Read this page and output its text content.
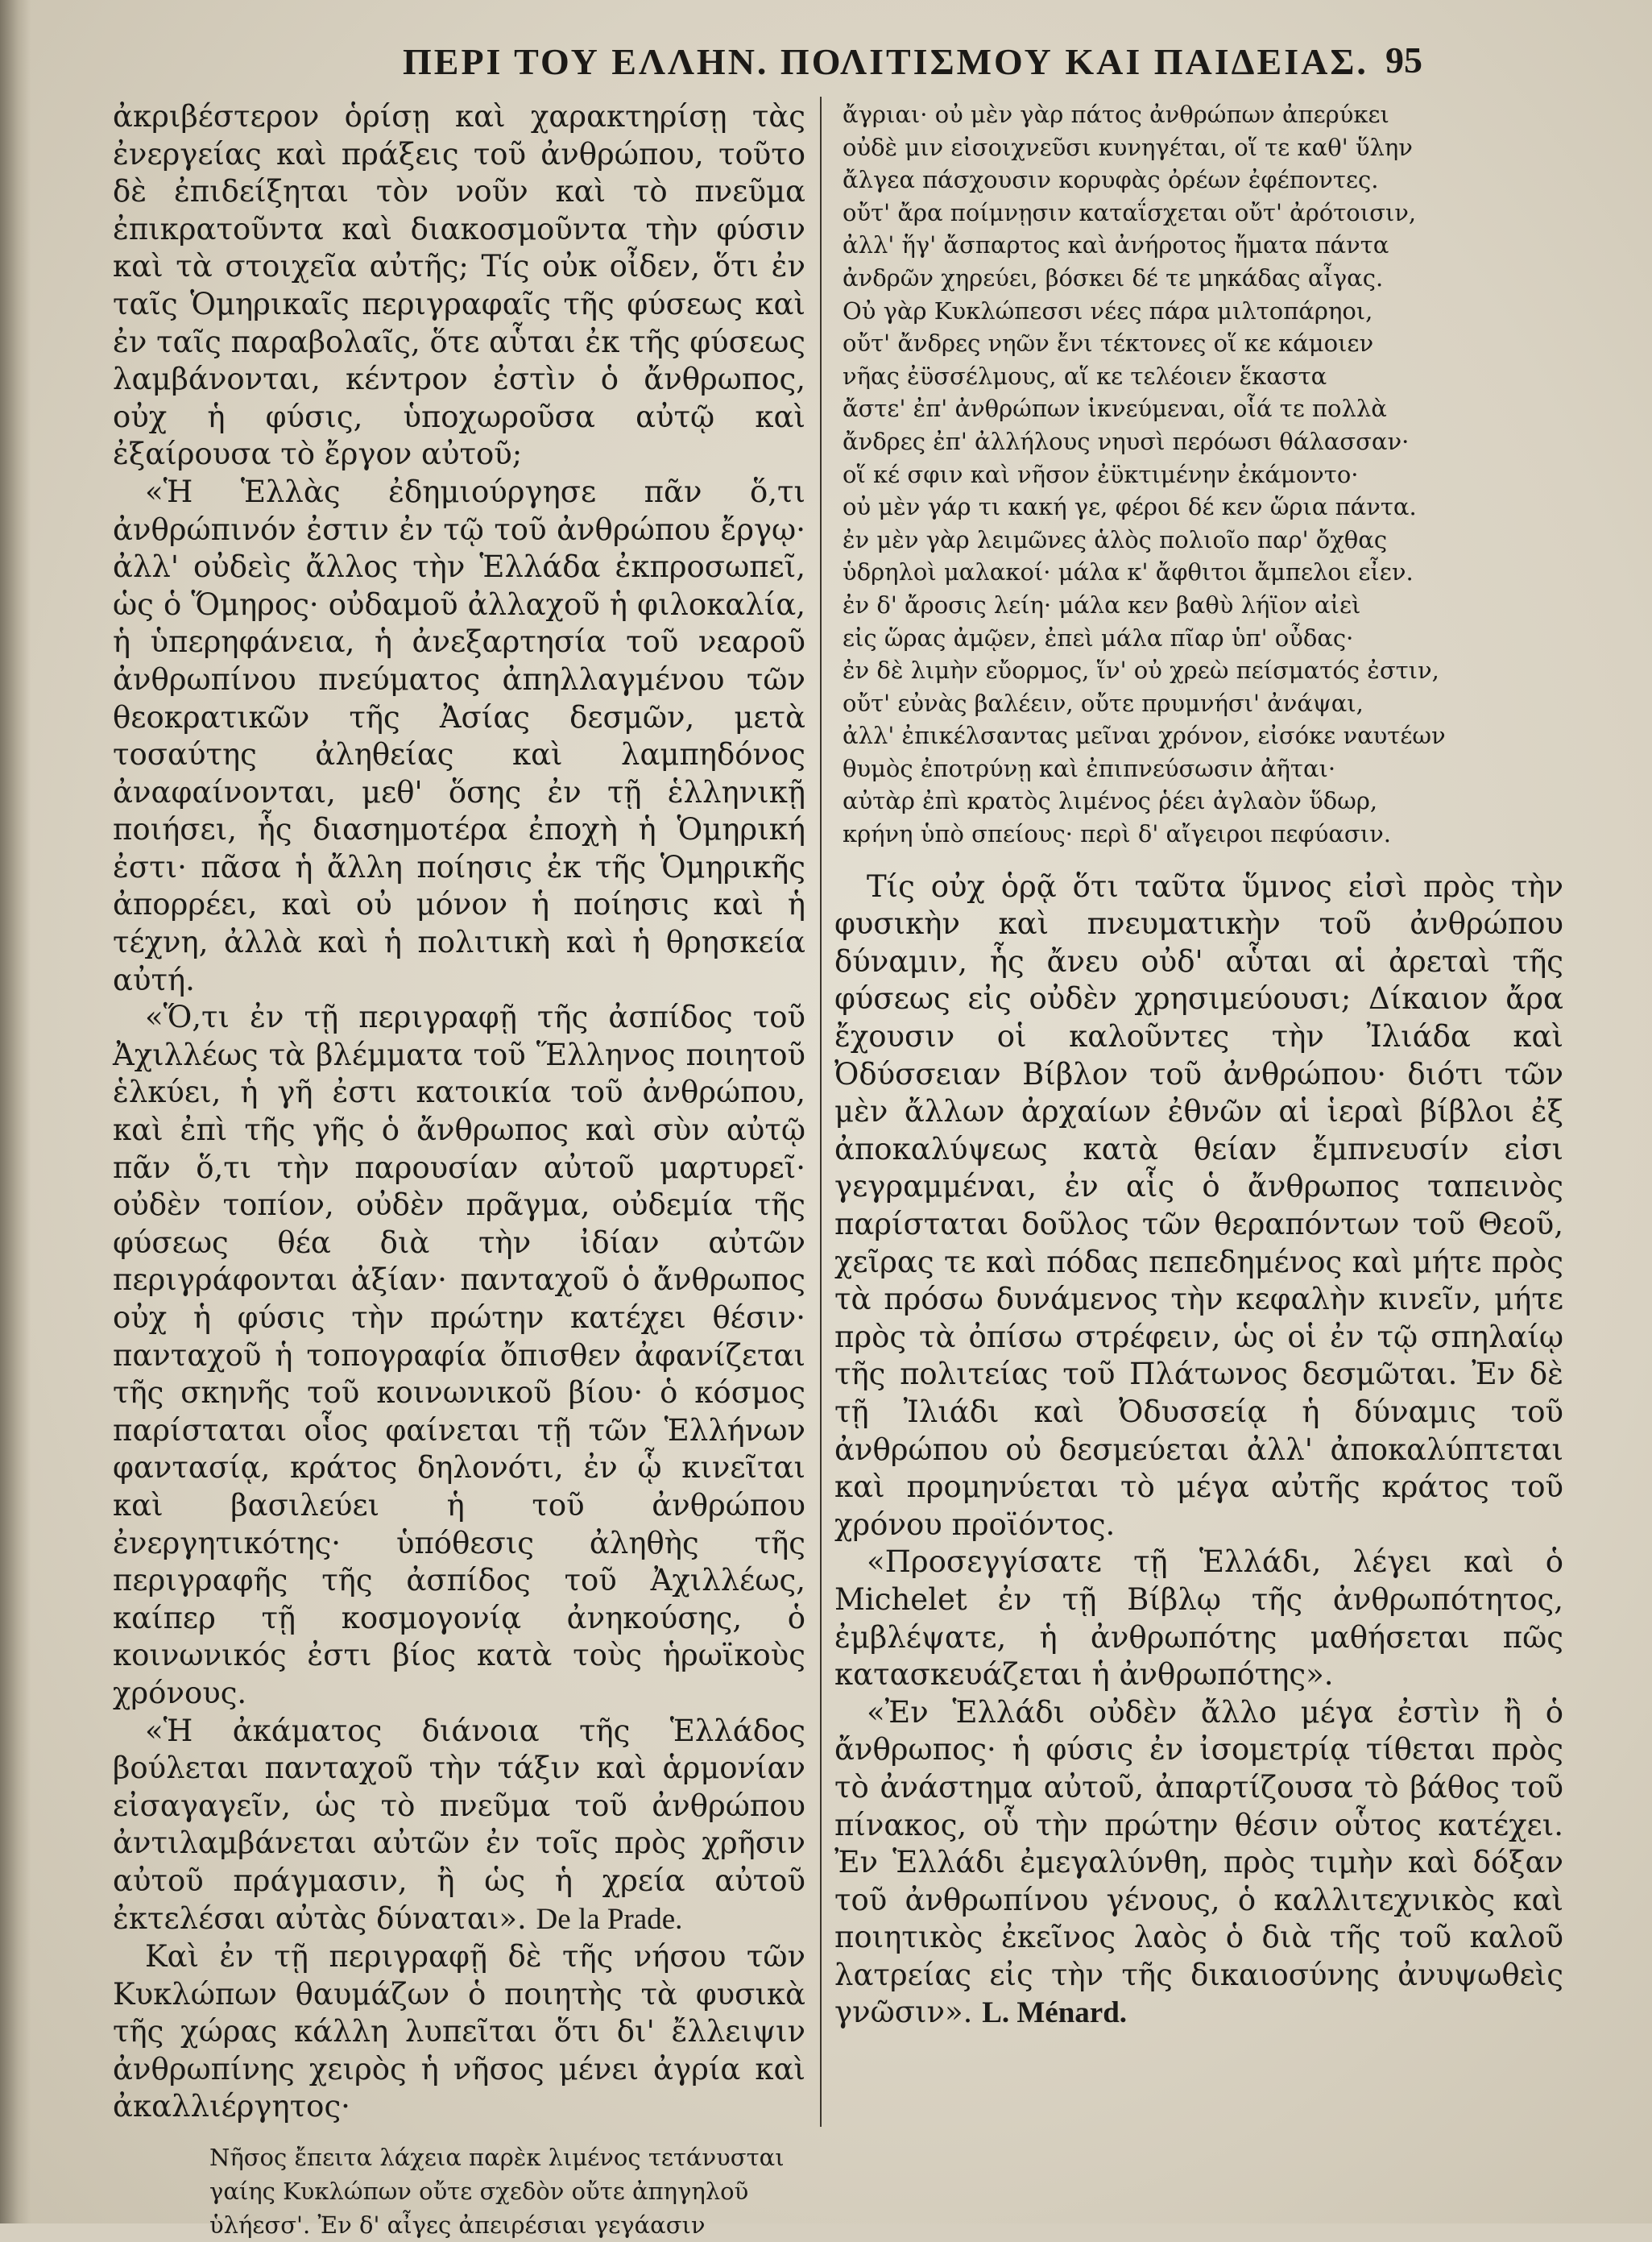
ΠΕΡΙ ΤΟΥ ΕΛΛΗΝ. ΠΟΛΙΤΙΣΜΟΥ ΚΑΙ ΠΑΙΔΕΙΑΣ. 95

ἀκριβέστερον ὁρίσῃ καὶ χαρακτηρίσῃ τὰς ἐνεργείας καὶ πράξεις τοῦ ἀνθρώπου, τοῦτο δὲ ἐπιδείξηται τὸν νοῦν καὶ τὸ πνεῦμα ἐπικρατοῦντα καὶ διακοσμοῦντα τὴν φύσιν καὶ τὰ στοιχεῖα αὐτῆς; Τίς οὐκ οἶδεν, ὅτι ἐν ταῖς Ὁμηρικαῖς περιγραφαῖς τῆς φύσεως καὶ ἐν ταῖς παραβολαῖς, ὅτε αὗται ἐκ τῆς φύσεως λαμβάνονται, κέντρον ἐστὶν ὁ ἄνθρωπος, οὐχ ἡ φύσις, ὑποχωροῦσα αὐτῷ καὶ ἐξαίρουσα τὸ ἔργον αὐτοῦ;

«Ἡ Ἑλλὰς ἐδημιούργησε πᾶν ὅ,τι ἀνθρώπινόν ἐστιν ἐν τῷ τοῦ ἀνθρώπου ἔργῳ· ἀλλ' οὐδεὶς ἄλλος τὴν Ἑλλάδα ἐκπροσωπεῖ, ὡς ὁ Ὅμηρος· οὐδαμοῦ ἀλλαχοῦ ἡ φιλοκαλία, ἡ ὑπερηφάνεια, ἡ ἀνεξαρτησία τοῦ νεαροῦ ἀνθρωπίνου πνεύματος ἀπηλλαγμένου τῶν θεοκρατικῶν τῆς Ἀσίας δεσμῶν, μετὰ τοσαύτης ἀληθείας καὶ λαμπηδόνος ἀναφαίνονται, μεθ' ὅσης ἐν τῇ ἑλληνικῇ ποιήσει, ἧς διασημοτέρα ἐποχὴ ἡ Ὁμηρική ἐστι· πᾶσα ἡ ἄλλη ποίησις ἐκ τῆς Ὁμηρικῆς ἀπορρέει, καὶ οὐ μόνον ἡ ποίησις καὶ ἡ τέχνη, ἀλλὰ καὶ ἡ πολιτικὴ καὶ ἡ θρησκεία αὐτή.

«Ὅ,τι ἐν τῇ περιγραφῇ τῆς ἀσπίδος τοῦ Ἀχιλλέως τὰ βλέμματα τοῦ Ἕλληνος ποιητοῦ ἑλκύει, ἡ γῆ ἐστι κατοικία τοῦ ἀνθρώπου, καὶ ἐπὶ τῆς γῆς ὁ ἄνθρωπος καὶ σὺν αὐτῷ πᾶν ὅ,τι τὴν παρουσίαν αὐτοῦ μαρτυρεῖ· οὐδὲν τοπίον, οὐδὲν πρᾶγμα, οὐδεμία τῆς φύσεως θέα διὰ τὴν ἰδίαν αὐτῶν περιγράφονται ἀξίαν· πανταχοῦ ὁ ἄνθρωπος οὐχ ἡ φύσις τὴν πρώτην κατέχει θέσιν· πανταχοῦ ἡ τοπογραφία ὄπισθεν ἀφανίζεται τῆς σκηνῆς τοῦ κοινωνικοῦ βίου· ὁ κόσμος παρίσταται οἷος φαίνεται τῇ τῶν Ἑλλήνων φαντασίᾳ, κράτος δηλονότι, ἐν ᾧ κινεῖται καὶ βασιλεύει ἡ τοῦ ἀνθρώπου ἐνεργητικότης· ὑπόθεσις ἀληθὴς τῆς περιγραφῆς τῆς ἀσπίδος τοῦ Ἀχιλλέως, καίπερ τῇ κοσμογονίᾳ ἀνηκούσης, ὁ κοινωνικός ἐστι βίος κατὰ τοὺς ἡρωϊκοὺς χρόνους.

«Ἡ ἀκάματος διάνοια τῆς Ἑλλάδος βούλεται πανταχοῦ τὴν τάξιν καὶ ἁρμονίαν εἰσαγαγεῖν, ὡς τὸ πνεῦμα τοῦ ἀνθρώπου ἀντιλαμβάνεται αὐτῶν ἐν τοῖς πρὸς χρῆσιν αὐτοῦ πράγμασιν, ἢ ὡς ἡ χρεία αὐτοῦ ἐκτελέσαι αὐτὰς δύναται». De la Prade.

Καὶ ἐν τῇ περιγραφῇ δὲ τῆς νήσου τῶν Κυκλώπων θαυμάζων ὁ ποιητὴς τὰ φυσικὰ τῆς χώρας κάλλη λυπεῖται ὅτι δι' ἔλλειψιν ἀνθρωπίνης χειρὸς ἡ νῆσος μένει ἀγρία καὶ ἀκαλλιέργητος·

Νῆσος ἔπειτα λάχεια παρὲκ λιμένος τετάνυσται
γαίης Κυκλώπων οὔτε σχεδὸν οὔτε ἀπηγηλοῦ
ὑλήεσσ'. Ἐν δ' αἶγες ἀπειρέσιαι γεγάασιν
ἄγριαι· οὐ μὲν γὰρ πάτος ἀνθρώπων ἀπερύκει
οὐδὲ μιν εἰσοιχνεῦσι κυνηγέται, οἵ τε καθ' ὕλην
ἄλγεα πάσχουσιν κορυφὰς ὀρέων ἐφέποντες.
οὔτ' ἄρα ποίμνῃσιν καταΐσχεται οὔτ' ἀρότοισιν,
ἀλλ' ἥγ' ἄσπαρτος καὶ ἀνήροτος ἤματα πάντα
ἀνδρῶν χηρεύει, βόσκει δέ τε μηκάδας αἶγας.
Οὐ γὰρ Κυκλώπεσσι νέες πάρα μιλτοπάρηοι,
οὔτ' ἄνδρες νηῶν ἔνι τέκτονες οἵ κε κάμοιεν
νῆας ἐϋσσέλμους, αἵ κε τελέοιεν ἕκαστα
ἄστε' ἐπ' ἀνθρώπων ἱκνεύμεναι, οἷά τε πολλὰ
ἄνδρες ἐπ' ἀλλήλους νηυσὶ περόωσι θάλασσαν·
οἵ κέ σφιν καὶ νῆσον ἐϋκτιμένην ἐκάμοντο·
οὐ μὲν γάρ τι κακή γε, φέροι δέ κεν ὥρια πάντα.
ἐν μὲν γὰρ λειμῶνες ἁλὸς πολιοῖο παρ' ὄχθας
ὑδρηλοὶ μαλακοί· μάλα κ' ἄφθιτοι ἄμπελοι εἶεν.
ἐν δ' ἄροσις λείη· μάλα κεν βαθὺ λήϊον αἰεὶ
εἰς ὥρας ἀμῷεν, ἐπεὶ μάλα πῖαρ ὑπ' οὖδας·
ἐν δὲ λιμὴν εὔορμος, ἵν' οὐ χρεὼ πείσματός ἐστιν,
οὔτ' εὐνὰς βαλέειν, οὔτε πρυμνήσι' ἀνάψαι,
ἀλλ' ἐπικέλσαντας μεῖναι χρόνον, εἰσόκε ναυτέων
θυμὸς ἐποτρύνῃ καὶ ἐπιπνεύσωσιν ἀῆται·
αὐτὰρ ἐπὶ κρατὸς λιμένος ῥέει ἀγλαὸν ὕδωρ,
κρήνη ὑπὸ σπείους· περὶ δ' αἴγειροι πεφύασιν.

Τίς οὐχ ὁρᾷ ὅτι ταῦτα ὕμνος εἰσὶ πρὸς τὴν φυσικὴν καὶ πνευματικὴν τοῦ ἀνθρώπου δύναμιν, ἧς ἄνευ οὐδ' αὗται αἱ ἀρεταὶ τῆς φύσεως εἰς οὐδὲν χρησιμεύουσι; Δίκαιον ἄρα ἔχουσιν οἱ καλοῦντες τὴν Ἰλιάδα καὶ Ὀδύσσειαν Βίβλον τοῦ ἀνθρώπου· διότι τῶν μὲν ἄλλων ἀρχαίων ἐθνῶν αἱ ἱεραὶ βίβλοι ἐξ ἀποκαλύψεως κατὰ θείαν ἔμπνευσίν εἰσι γεγραμμέναι, ἐν αἷς ὁ ἄνθρωπος ταπεινὸς παρίσταται δοῦλος τῶν θεραπόντων τοῦ Θεοῦ, χεῖρας τε καὶ πόδας πεπεδημένος καὶ μήτε πρὸς τὰ πρόσω δυνάμενος τὴν κεφαλὴν κινεῖν, μήτε πρὸς τὰ ὀπίσω στρέφειν, ὡς οἱ ἐν τῷ σπηλαίῳ τῆς πολιτείας τοῦ Πλάτωνος δεσμῶται. Ἐν δὲ τῇ Ἰλιάδι καὶ Ὀδυσσείᾳ ἡ δύναμις τοῦ ἀνθρώπου οὐ δεσμεύεται ἀλλ' ἀποκαλύπτεται καὶ προμηνύεται τὸ μέγα αὐτῆς κράτος τοῦ χρόνου προϊόντος.

«Προσεγγίσατε τῇ Ἑλλάδι, λέγει καὶ ὁ Michelet ἐν τῇ Βίβλῳ τῆς ἀνθρωπότητος, ἐμβλέψατε, ἡ ἀνθρωπότης μαθήσεται πῶς κατασκευάζεται ἡ ἀνθρωπότης».

«Ἐν Ἑλλάδι οὐδὲν ἄλλο μέγα ἐστὶν ἢ ὁ ἄνθρωπος· ἡ φύσις ἐν ἰσομετρίᾳ τίθεται πρὸς τὸ ἀνάστημα αὐτοῦ, ἀπαρτίζουσα τὸ βάθος τοῦ πίνακος, οὗ τὴν πρώτην θέσιν οὗτος κατέχει. Ἐν Ἑλλάδι ἐμεγαλύνθη, πρὸς τιμὴν καὶ δόξαν τοῦ ἀνθρωπίνου γένους, ὁ καλλιτεχνικὸς καὶ ποιητικὸς ἐκεῖνος λαὸς ὁ διὰ τῆς τοῦ καλοῦ λατρείας εἰς τὴν τῆς δικαιοσύνης ἀνυψωθεὶς γνῶσιν». L. Ménard.
